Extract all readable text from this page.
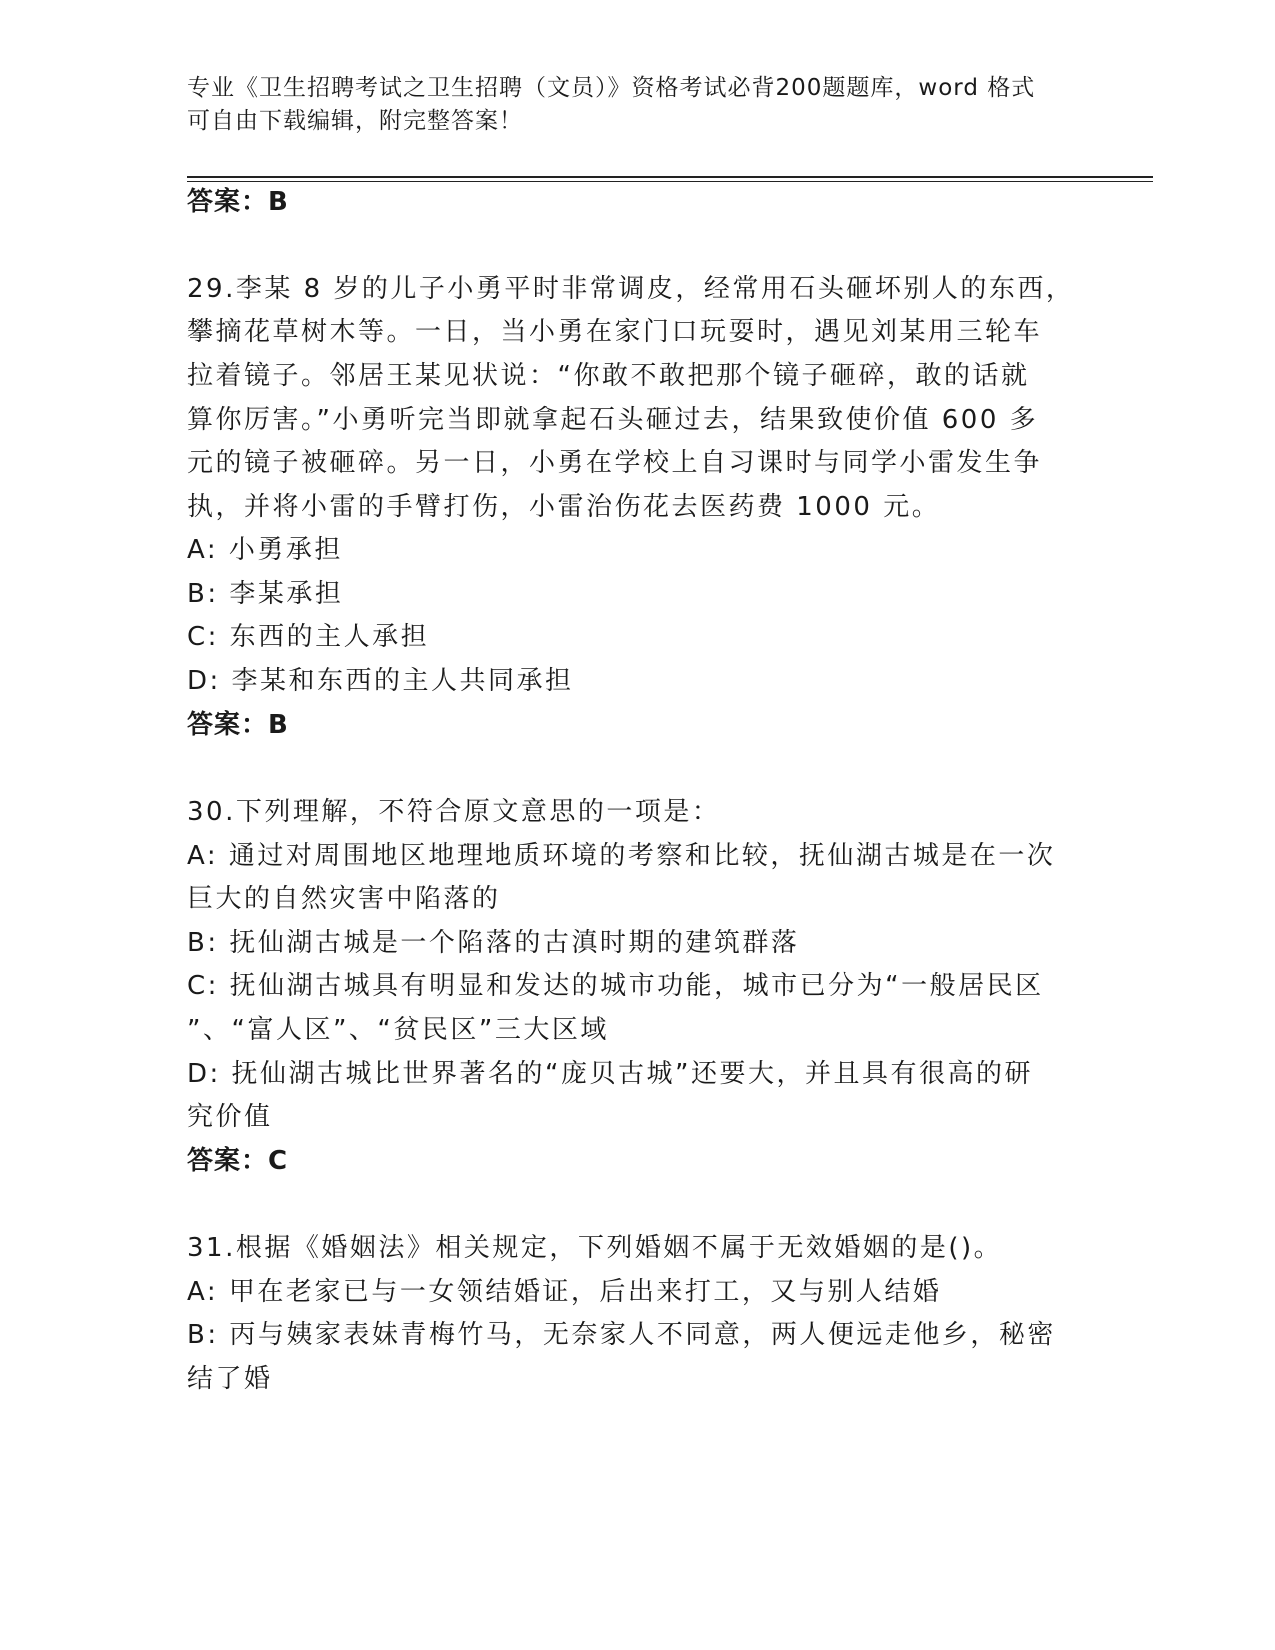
专业《卫生招聘考试之卫生招聘（文员）》资格考试必背200题题库，word 格式
可自由下载编辑，附完整答案！
答案：B
29.李某 8 岁的儿子小勇平时非常调皮，经常用石头砸坏别人的东西，
攀摘花草树木等。一日，当小勇在家门口玩耍时，遇见刘某用三轮车
拉着镜子。邻居王某见状说：“你敢不敢把那个镜子砸碎，敢的话就
算你厉害。”小勇听完当即就拿起石头砸过去，结果致使价值 600 多
元的镜子被砸碎。另一日，小勇在学校上自习课时与同学小雷发生争
执，并将小雷的手臂打伤，小雷治伤花去医药费 1000 元。
A: 小勇承担
B: 李某承担
C: 东西的主人承担
D: 李某和东西的主人共同承担
答案：B
30.下列理解，不符合原文意思的一项是：
A: 通过对周围地区地理地质环境的考察和比较，抚仙湖古城是在一次
巨大的自然灾害中陷落的
B: 抚仙湖古城是一个陷落的古滇时期的建筑群落
C: 抚仙湖古城具有明显和发达的城市功能，城市已分为“一般居民区
”、“富人区”、“贫民区”三大区域
D: 抚仙湖古城比世界著名的“庞贝古城”还要大，并且具有很高的研
究价值
答案：C
31.根据《婚姻法》相关规定，下列婚姻不属于无效婚姻的是()。
A: 甲在老家已与一女领结婚证，后出来打工，又与别人结婚
B: 丙与姨家表妹青梅竹马，无奈家人不同意，两人便远走他乡，秘密
结了婚
